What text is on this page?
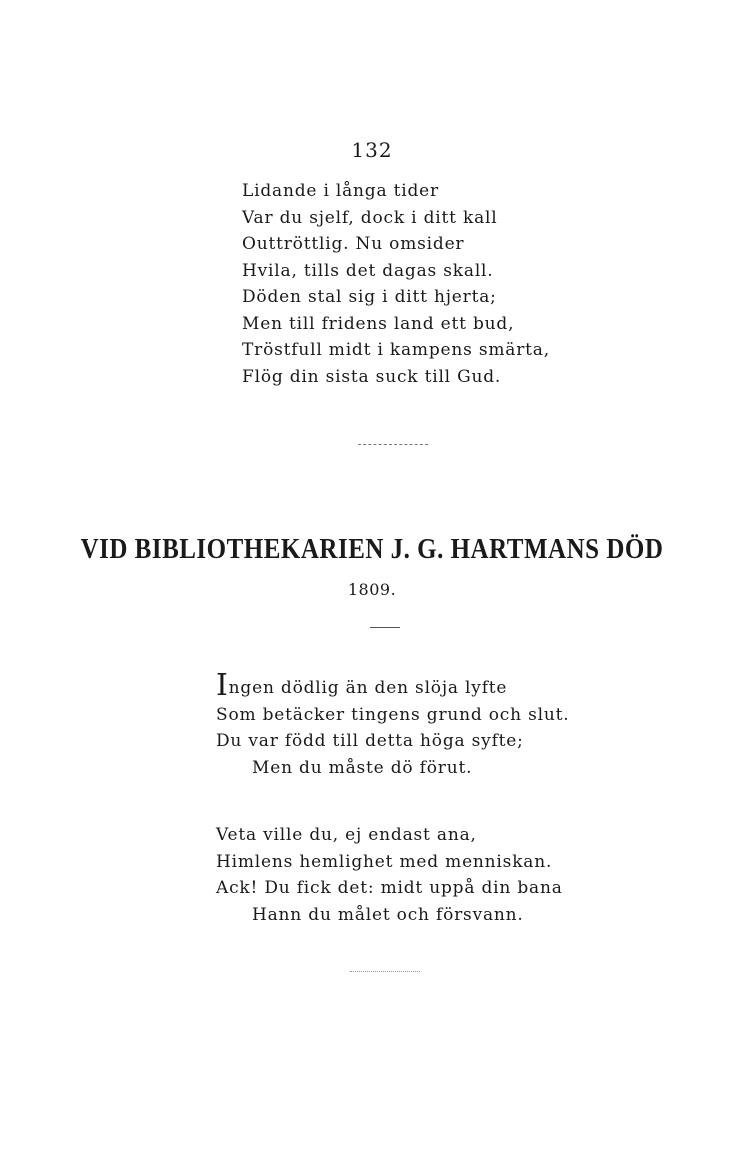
132
Lidande i långa tider
Var du sjelf, dock i ditt kall
Outtröttlig. Nu omsider
Hvila, tills det dagas skall.
Döden stal sig i ditt hjerta;
Men till fridens land ett bud,
Tröstfull midt i kampens smärta,
Flög din sista suck till Gud.
VID BIBLIOTHEKARIEN J. G. HARTMANS DÖD
1809.
Ingen dödlig än den slöja lyfte
Som betäcker tingens grund och slut.
Du var född till detta höga syfte;
Men du måste dö förut.
Veta ville du, ej endast ana,
Himlens hemlighet med menniskan.
Ack! Du fick det: midt uppå din bana
Hann du målet och försvann.
